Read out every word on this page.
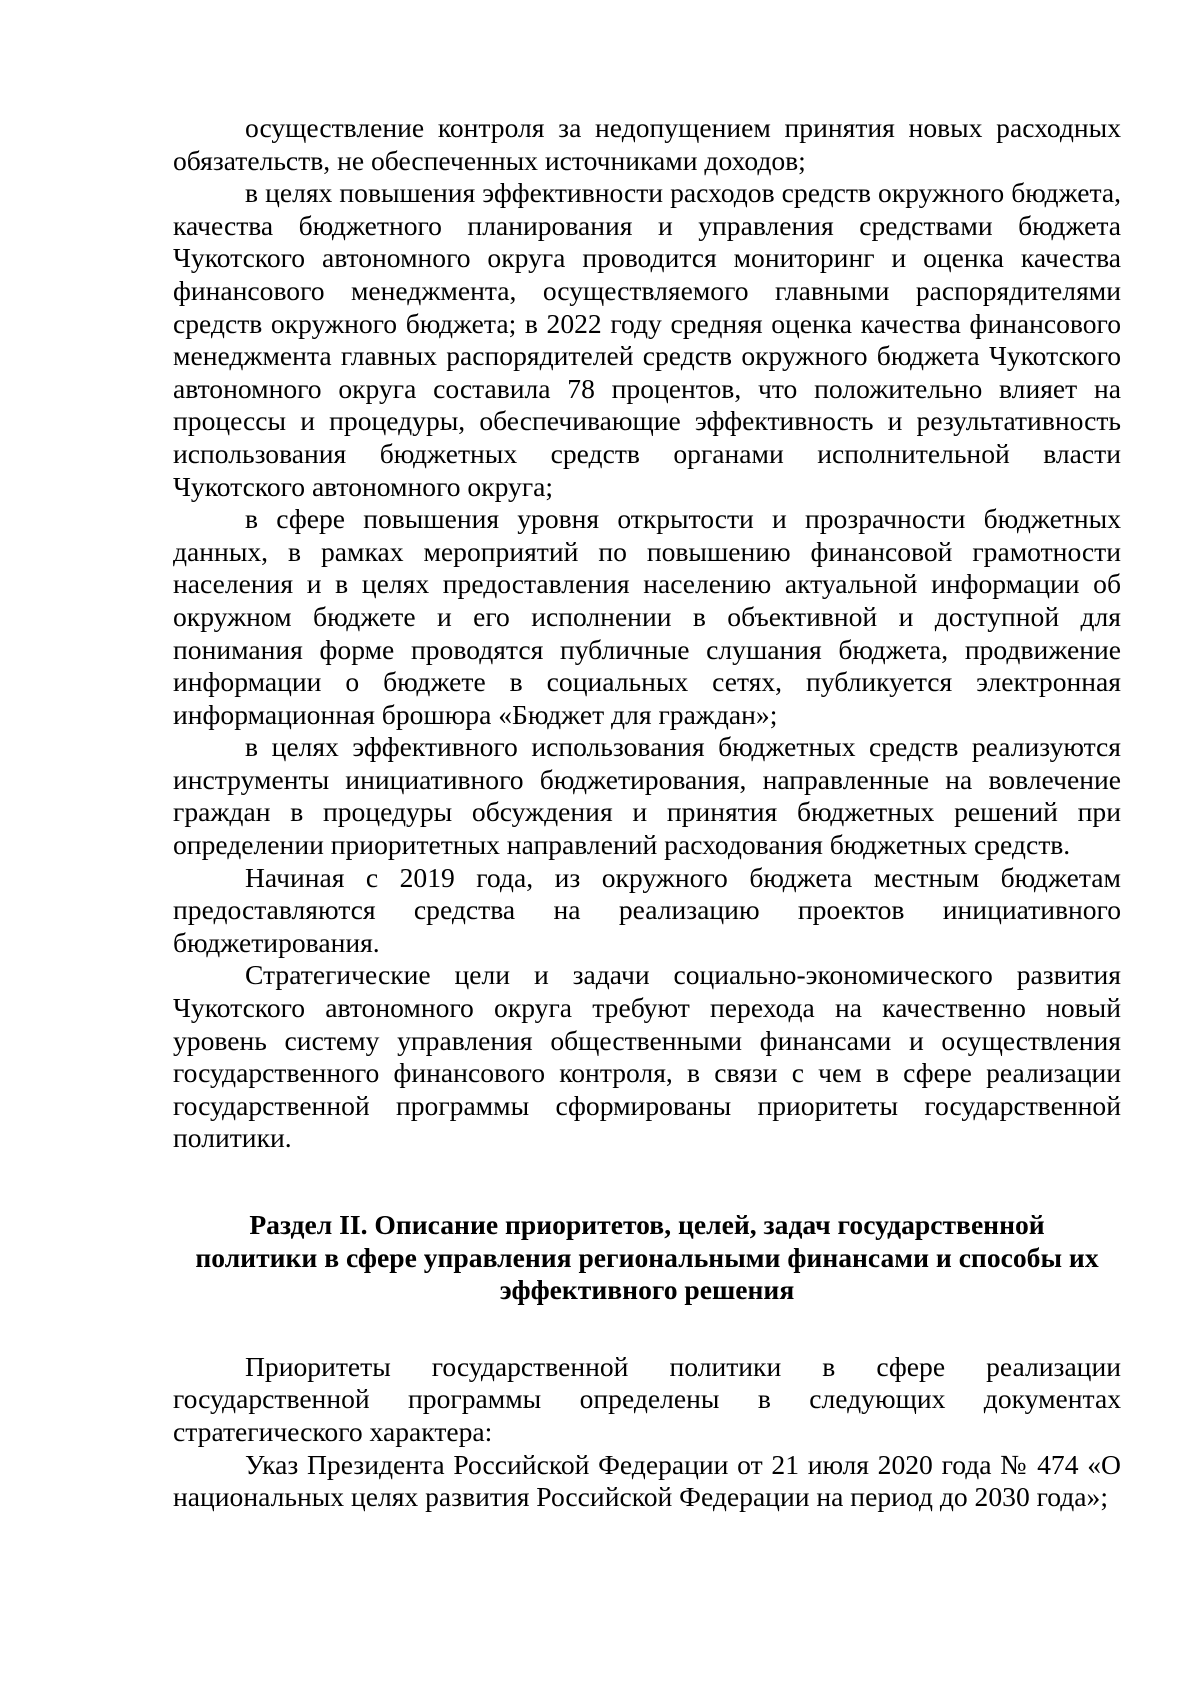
осуществление контроля за недопущением принятия новых расходных обязательств, не обеспеченных источниками доходов;

в целях повышения эффективности расходов средств окружного бюджета, качества бюджетного планирования и управления средствами бюджета Чукотского автономного округа проводится мониторинг и оценка качества финансового менеджмента, осуществляемого главными распорядителями средств окружного бюджета; в 2022 году средняя оценка качества финансового менеджмента главных распорядителей средств окружного бюджета Чукотского автономного округа составила 78 процентов, что положительно влияет на процессы и процедуры, обеспечивающие эффективность и результативность использования бюджетных средств органами исполнительной власти Чукотского автономного округа;

в сфере повышения уровня открытости и прозрачности бюджетных данных, в рамках мероприятий по повышению финансовой грамотности населения и в целях предоставления населению актуальной информации об окружном бюджете и его исполнении в объективной и доступной для понимания форме проводятся публичные слушания бюджета, продвижение информации о бюджете в социальных сетях, публикуется электронная информационная брошюра «Бюджет для граждан»;

в целях эффективного использования бюджетных средств реализуются инструменты инициативного бюджетирования, направленные на вовлечение граждан в процедуры обсуждения и принятия бюджетных решений при определении приоритетных направлений расходования бюджетных средств.

Начиная с 2019 года, из окружного бюджета местным бюджетам предоставляются средства на реализацию проектов инициативного бюджетирования.

Стратегические цели и задачи социально-экономического развития Чукотского автономного округа требуют перехода на качественно новый уровень систему управления общественными финансами и осуществления государственного финансового контроля, в связи с чем в сфере реализации государственной программы сформированы приоритеты государственной политики.

Раздел II. Описание приоритетов, целей, задач государственной политики в сфере управления региональными финансами и способы их эффективного решения

Приоритеты государственной политики в сфере реализации государственной программы определены в следующих документах стратегического характера:

Указ Президента Российской Федерации от 21 июля 2020 года № 474 «О национальных целях развития Российской Федерации на период до 2030 года»;
